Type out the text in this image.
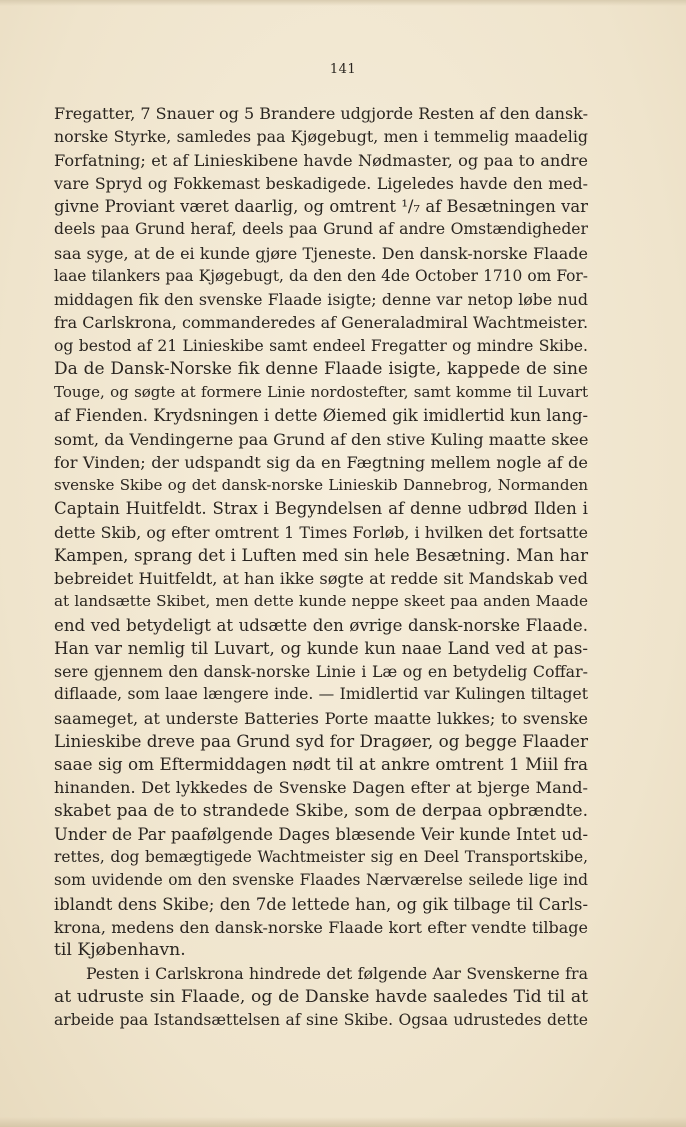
141
Fregatter, 7 Snauer og 5 Brandere udgjorde Resten af den dansk-
norske Styrke, samledes paa Kjøgebugt, men i temmelig maadelig
Forfatning; et af Linieskibene havde Nødmaster, og paa to andre
vare Spryd og Fokkemast beskadigede. Ligeledes havde den med-
givne Proviant været daarlig, og omtrent ¹/₇ af Besætningen var
deels paa Grund heraf, deels paa Grund af andre Omstændigheder
saa syge, at de ei kunde gjøre Tjeneste. Den dansk-norske Flaade
laae tilankers paa Kjøgebugt, da den den 4de October 1710 om For-
middagen fik den svenske Flaade isigte; denne var netop løbe nud
fra Carlskrona, commanderedes af Generaladmiral Wachtmeister.
og bestod af 21 Linieskibe samt endeel Fregatter og mindre Skibe.
Da de Dansk-Norske fik denne Flaade isigte, kappede de sine
Touge, og søgte at formere Linie nordostefter, samt komme til Luvart
af Fienden. Krydsningen i dette Øiemed gik imidlertid kun lang-
somt, da Vendingerne paa Grund af den stive Kuling maatte skee
for Vinden; der udspandt sig da en Fægtning mellem nogle af de
svenske Skibe og det dansk-norske Linieskib Dannebrog, Normanden
Captain Huitfeldt. Strax i Begyndelsen af denne udbrød Ilden i
dette Skib, og efter omtrent 1 Times Forløb, i hvilken det fortsatte
Kampen, sprang det i Luften med sin hele Besætning. Man har
bebreidet Huitfeldt, at han ikke søgte at redde sit Mandskab ved
at landsætte Skibet, men dette kunde neppe skeet paa anden Maade
end ved betydeligt at udsætte den øvrige dansk-norske Flaade.
Han var nemlig til Luvart, og kunde kun naae Land ved at pas-
sere gjennem den dansk-norske Linie i Læ og en betydelig Coffar-
diflaade, som laae længere inde. — Imidlertid var Kulingen tiltaget
saameget, at underste Batteries Porte maatte lukkes; to svenske
Linieskibe dreve paa Grund syd for Dragøer, og begge Flaader
saae sig om Eftermiddagen nødt til at ankre omtrent 1 Miil fra
hinanden. Det lykkedes de Svenske Dagen efter at bjerge Mand-
skabet paa de to strandede Skibe, som de derpaa opbrændte.
Under de Par paafølgende Dages blæsende Veir kunde Intet ud-
rettes, dog bemægtigede Wachtmeister sig en Deel Transportskibe,
som uvidende om den svenske Flaades Nærværelse seilede lige ind
iblandt dens Skibe; den 7de lettede han, og gik tilbage til Carls-
krona, medens den dansk-norske Flaade kort efter vendte tilbage
til Kjøbenhavn.
Pesten i Carlskrona hindrede det følgende Aar Svenskerne fra
at udruste sin Flaade, og de Danske havde saaledes Tid til at
arbeide paa Istandsættelsen af sine Skibe. Ogsaa udrustedes dette
